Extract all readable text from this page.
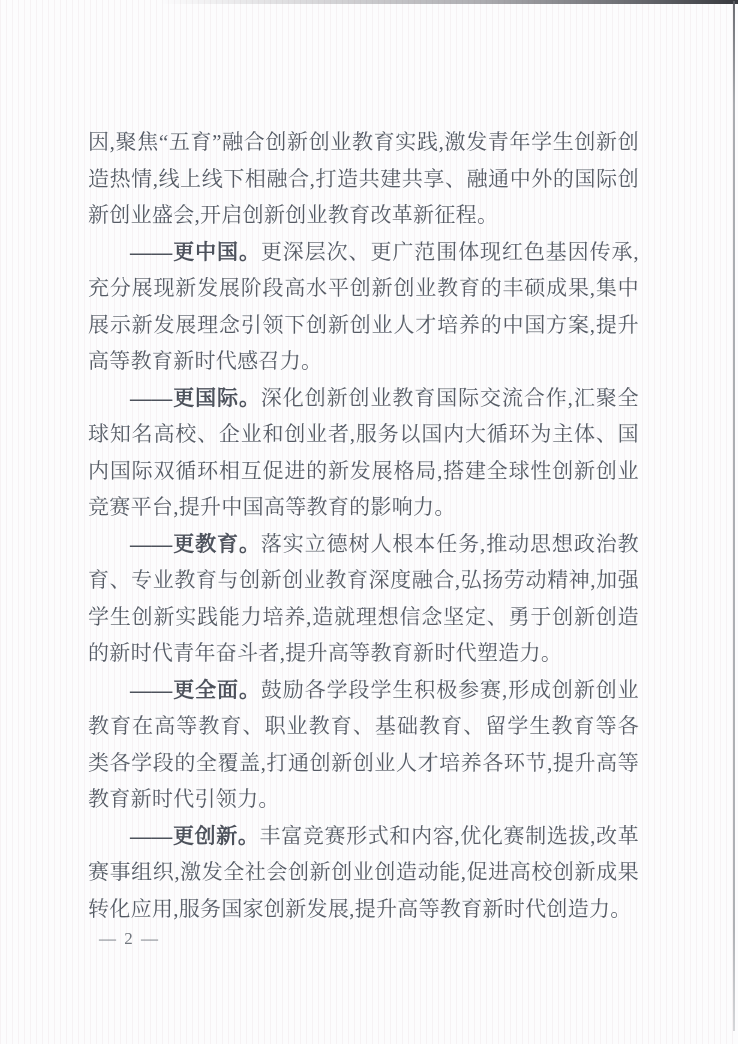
因,聚焦“五育”融合创新创业教育实践,激发青年学生创新创造热情,线上线下相融合,打造共建共享、融通中外的国际创新创业盛会,开启创新创业教育改革新征程。
——更中国。更深层次、更广范围体现红色基因传承,充分展现新发展阶段高水平创新创业教育的丰硕成果,集中展示新发展理念引领下创新创业人才培养的中国方案,提升高等教育新时代感召力。
——更国际。深化创新创业教育国际交流合作,汇聚全球知名高校、企业和创业者,服务以国内大循环为主体、国内国际双循环相互促进的新发展格局,搭建全球性创新创业竞赛平台,提升中国高等教育的影响力。
——更教育。落实立德树人根本任务,推动思想政治教育、专业教育与创新创业教育深度融合,弘扬劳动精神,加强学生创新实践能力培养,造就理想信念坚定、勇于创新创造的新时代青年奋斗者,提升高等教育新时代塑造力。
——更全面。鼓励各学段学生积极参赛,形成创新创业教育在高等教育、职业教育、基础教育、留学生教育等各类各学段的全覆盖,打通创新创业人才培养各环节,提升高等教育新时代引领力。
——更创新。丰富竞赛形式和内容,优化赛制选拔,改革赛事组织,激发全社会创新创业创造动能,促进高校创新成果转化应用,服务国家创新发展,提升高等教育新时代创造力。
— 2 —
